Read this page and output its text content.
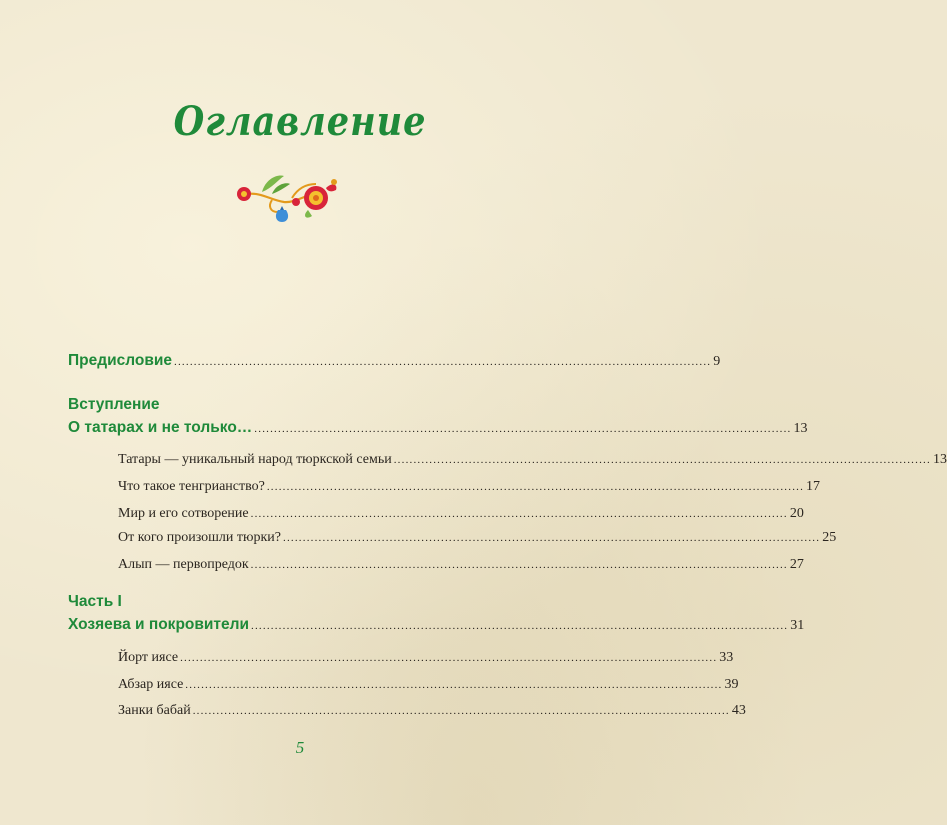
Оглавление
Предисловие ........................................................................................................................................ 9
Вступление
О татарах и не только… ........................................................................................................................................ 13
Татары — уникальный народ тюркской семьи ........................................................................................................................................ 13
Что такое тенгрианство? ........................................................................................................................................ 17
Мир и его сотворение ........................................................................................................................................ 20
От кого произошли тюрки? ........................................................................................................................................ 25
Алып — первопредок ........................................................................................................................................ 27
Часть I
Хозяева и покровители ........................................................................................................................................ 31
Йорт иясе ........................................................................................................................................ 33
Абзар иясе ........................................................................................................................................ 39
Занки бабай ........................................................................................................................................ 43
5
